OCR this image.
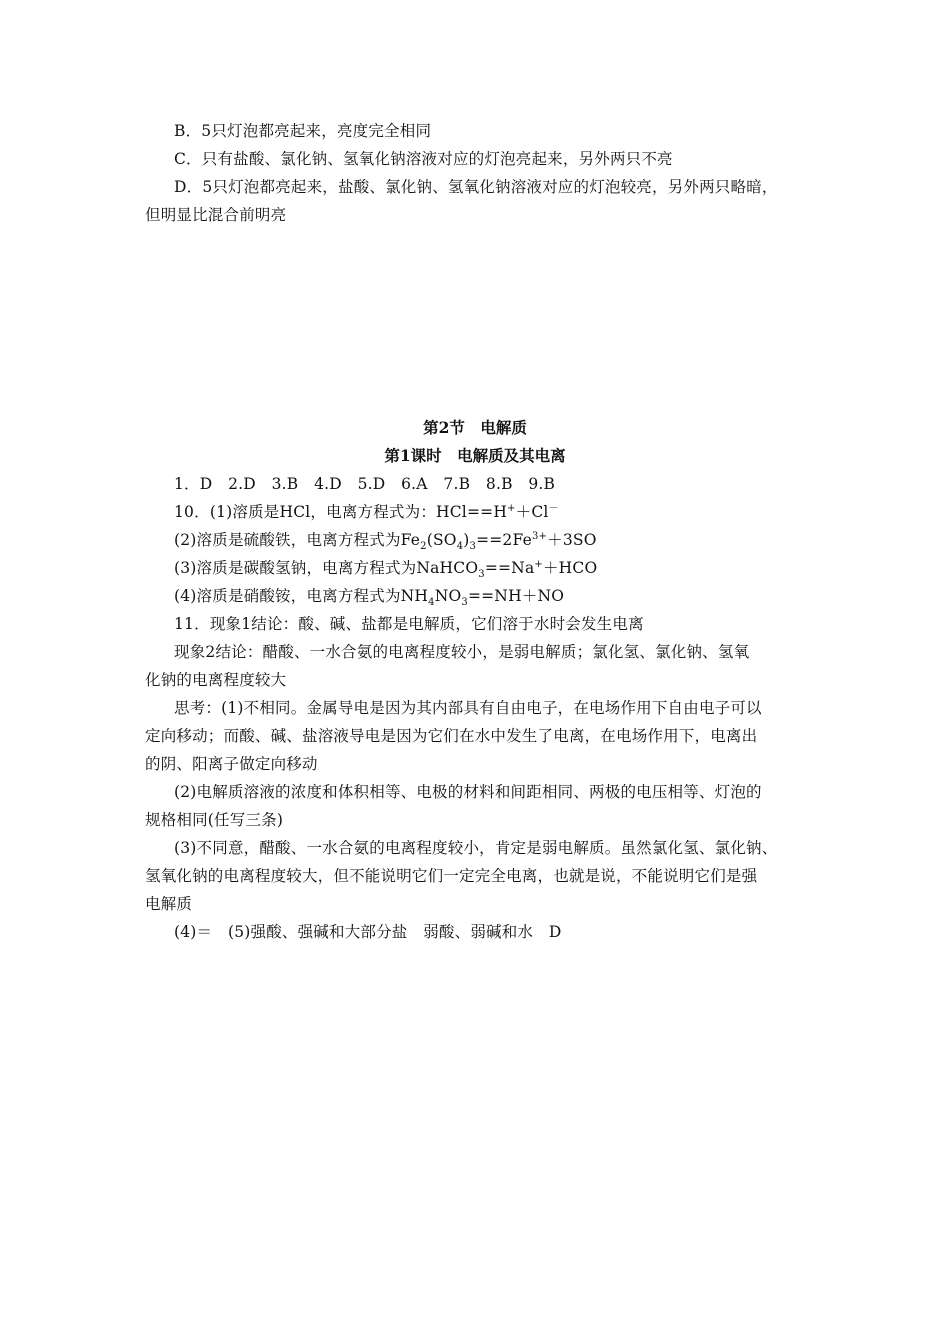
B．5只灯泡都亮起来，亮度完全相同
C．只有盐酸、氯化钠、氢氧化钠溶液对应的灯泡亮起来，另外两只不亮
D．5只灯泡都亮起来，盐酸、氯化钠、氢氧化钠溶液对应的灯泡较亮，另外两只略暗，
但明显比混合前明亮
第2节　电解质
第1课时　电解质及其电离
1．D　2.D　3.B　4.D　5.D　6.A　7.B　8.B　9.B
10．(1)溶质是HCl，电离方程式为：HCl==H+＋Cl－
(2)溶质是硫酸铁，电离方程式为$Fe_2(SO_4)_3==2Fe^{3+}+3SO$
(3)溶质是碳酸氢钠，电离方程式为NaHCO$_3$==Na+＋HCO
(4)溶质是硝酸铵，电离方程式为$NH_4NO_3==NH+NO$
11．现象1结论：酸、碱、盐都是电解质，它们溶于水时会发生电离
现象2结论：醋酸、一水合氨的电离程度较小，是弱电解质；氯化氢、氯化钠、氢氧
化钠的电离程度较大
思考：(1)不相同。金属导电是因为其内部具有自由电子，在电场作用下自由电子可以
定向移动；而酸、碱、盐溶液导电是因为它们在水中发生了电离，在电场作用下，电离出
的阴、阳离子做定向移动
(2)电解质溶液的浓度和体积相等、电极的材料和间距相同、两极的电压相等、灯泡的
规格相同(任写三条)
(3)不同意，醋酸、一水合氨的电离程度较小，肯定是弱电解质。虽然氯化氢、氯化钠、
氢氧化钠的电离程度较大，但不能说明它们一定完全电离，也就是说，不能说明它们是强
电解质
(4)＝　(5)强酸、强碱和大部分盐　弱酸、弱碱和水　D
